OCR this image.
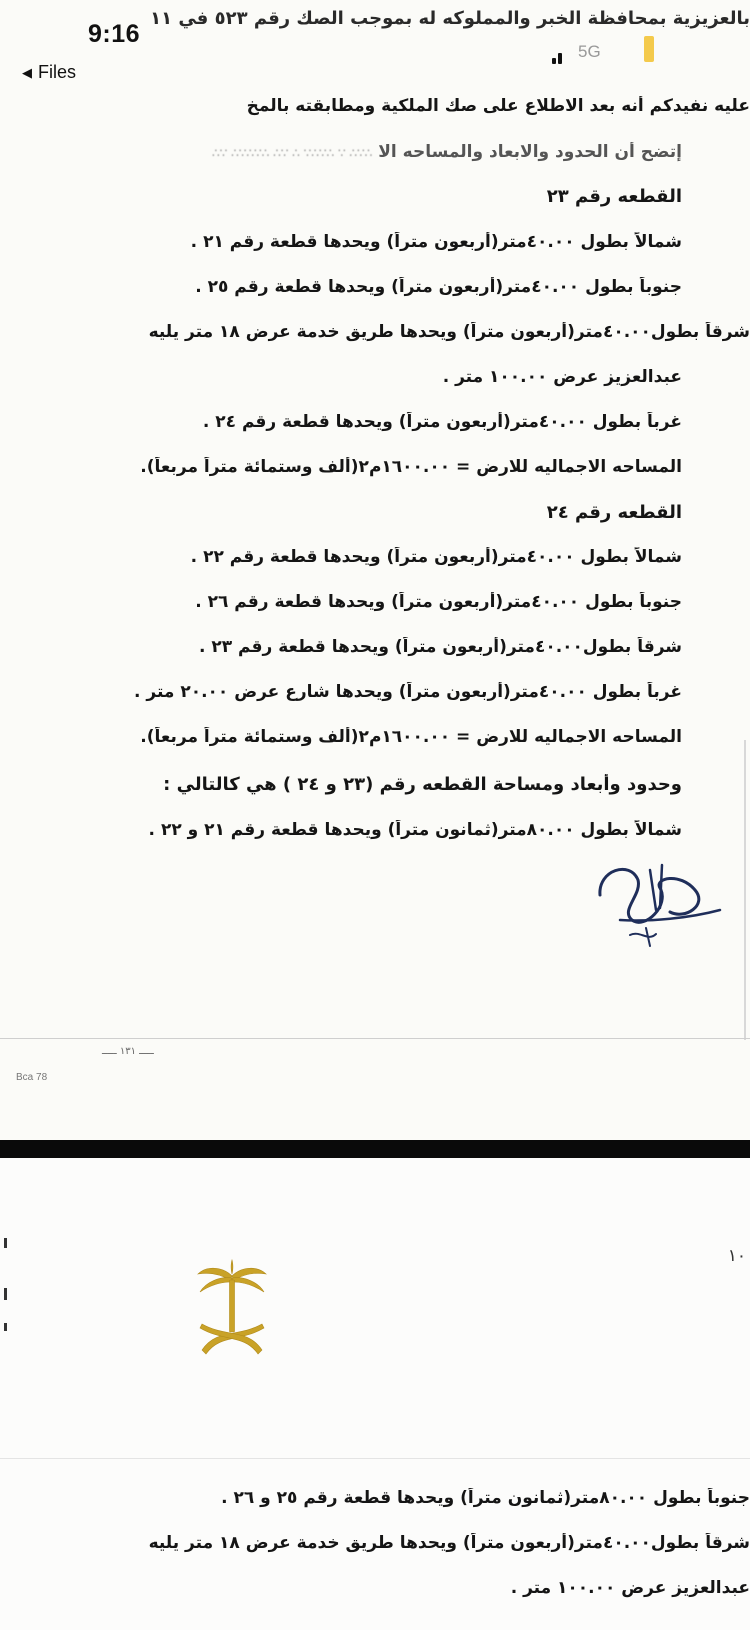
بالعزيزية بمحافظة الخبر والمملوكه له بموجب الصك رقم ٥٢٣ في ١١
9:16
◀ Files
5G
عليه نفيدكم أنه بعد الاطلاع على صك الملكية ومطابقته بالمخ
إتضح أن الحدود والابعاد والمساحه الا ∴∵∴ ∵ ∴∵∴∵ ∴ ∵∴ ∴∵∴∵∴ ∵∴
القطعه رقم ٢٣
شمالاً بطول ٤٠.٠٠متر(أربعون متراً) ويحدها قطعة رقم ٢١ .
جنوباً بطول ٤٠.٠٠متر(أربعون متراً) ويحدها قطعة رقم ٢٥ .
شرقاً بطول٤٠.٠٠متر(أربعون متراً) ويحدها طريق خدمة عرض ١٨ متر يليه
عبدالعزيز عرض ١٠٠.٠٠ متر .
غرباً بطول ٤٠.٠٠متر(أربعون متراً) ويحدها قطعة رقم ٢٤ .
المساحه الاجماليه للارض = ١٦٠٠.٠٠م٢(ألف وستمائة متراً مربعاً).
القطعه رقم ٢٤
شمالاً بطول ٤٠.٠٠متر(أربعون متراً) ويحدها قطعة رقم ٢٢ .
جنوباً بطول ٤٠.٠٠متر(أربعون متراً) ويحدها قطعة رقم ٢٦ .
شرقاً بطول٤٠.٠٠متر(أربعون متراً) ويحدها قطعة رقم ٢٣ .
غرباً بطول ٤٠.٠٠متر(أربعون متراً) ويحدها شارع عرض ٢٠.٠٠ متر .
المساحه الاجماليه للارض = ١٦٠٠.٠٠م٢(ألف وستمائة متراً مربعاً).
وحدود وأبعاد ومساحة القطعه رقم (٢٣ و ٢٤ ) هي كالتالي :
شمالاً بطول ٨٠.٠٠متر(ثمانون متراً) ويحدها قطعة رقم ٢١ و ٢٢ .
ـــــ ١٣١ ـــــ
Bca 78
١٠
جنوباً بطول ٨٠.٠٠متر(ثمانون متراً) ويحدها قطعة رقم ٢٥ و ٢٦ .
شرقاً بطول٤٠.٠٠متر(أربعون متراً) ويحدها طريق خدمة عرض ١٨ متر يليه
عبدالعزيز عرض ١٠٠.٠٠ متر .
